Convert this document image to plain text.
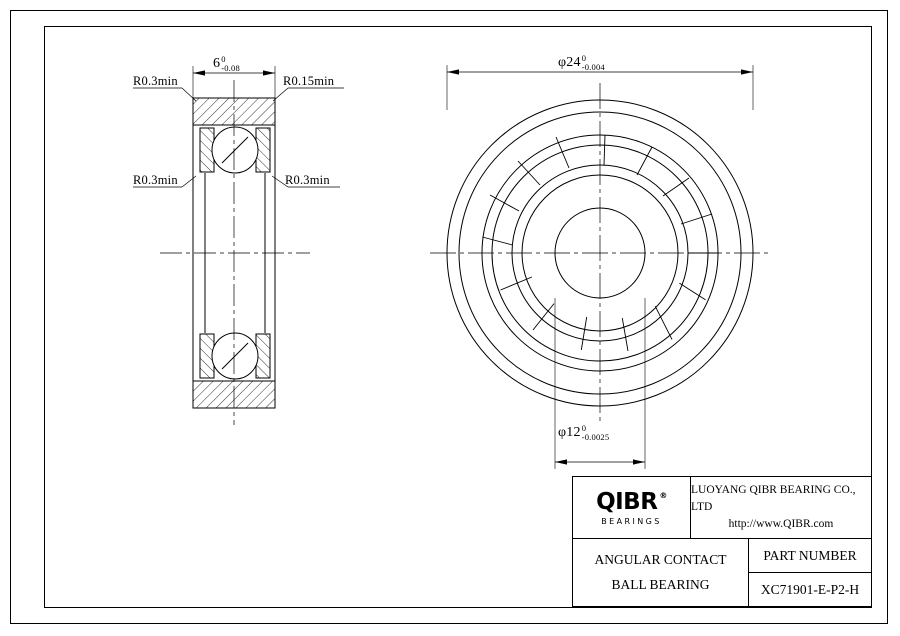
6 0
-0.08
R0.3min	R0.15min
R0.3min	R0.3min
φ24 0
-0.004
φ12 0
-0.0025
QIBR ®
BEARINGS
LUOYANG QIBR BEARING CO., LTD
http://www.QIBR.com
ANGULAR CONTACT
BALL BEARING
PART NUMBER
XC71901-E-P2-H
